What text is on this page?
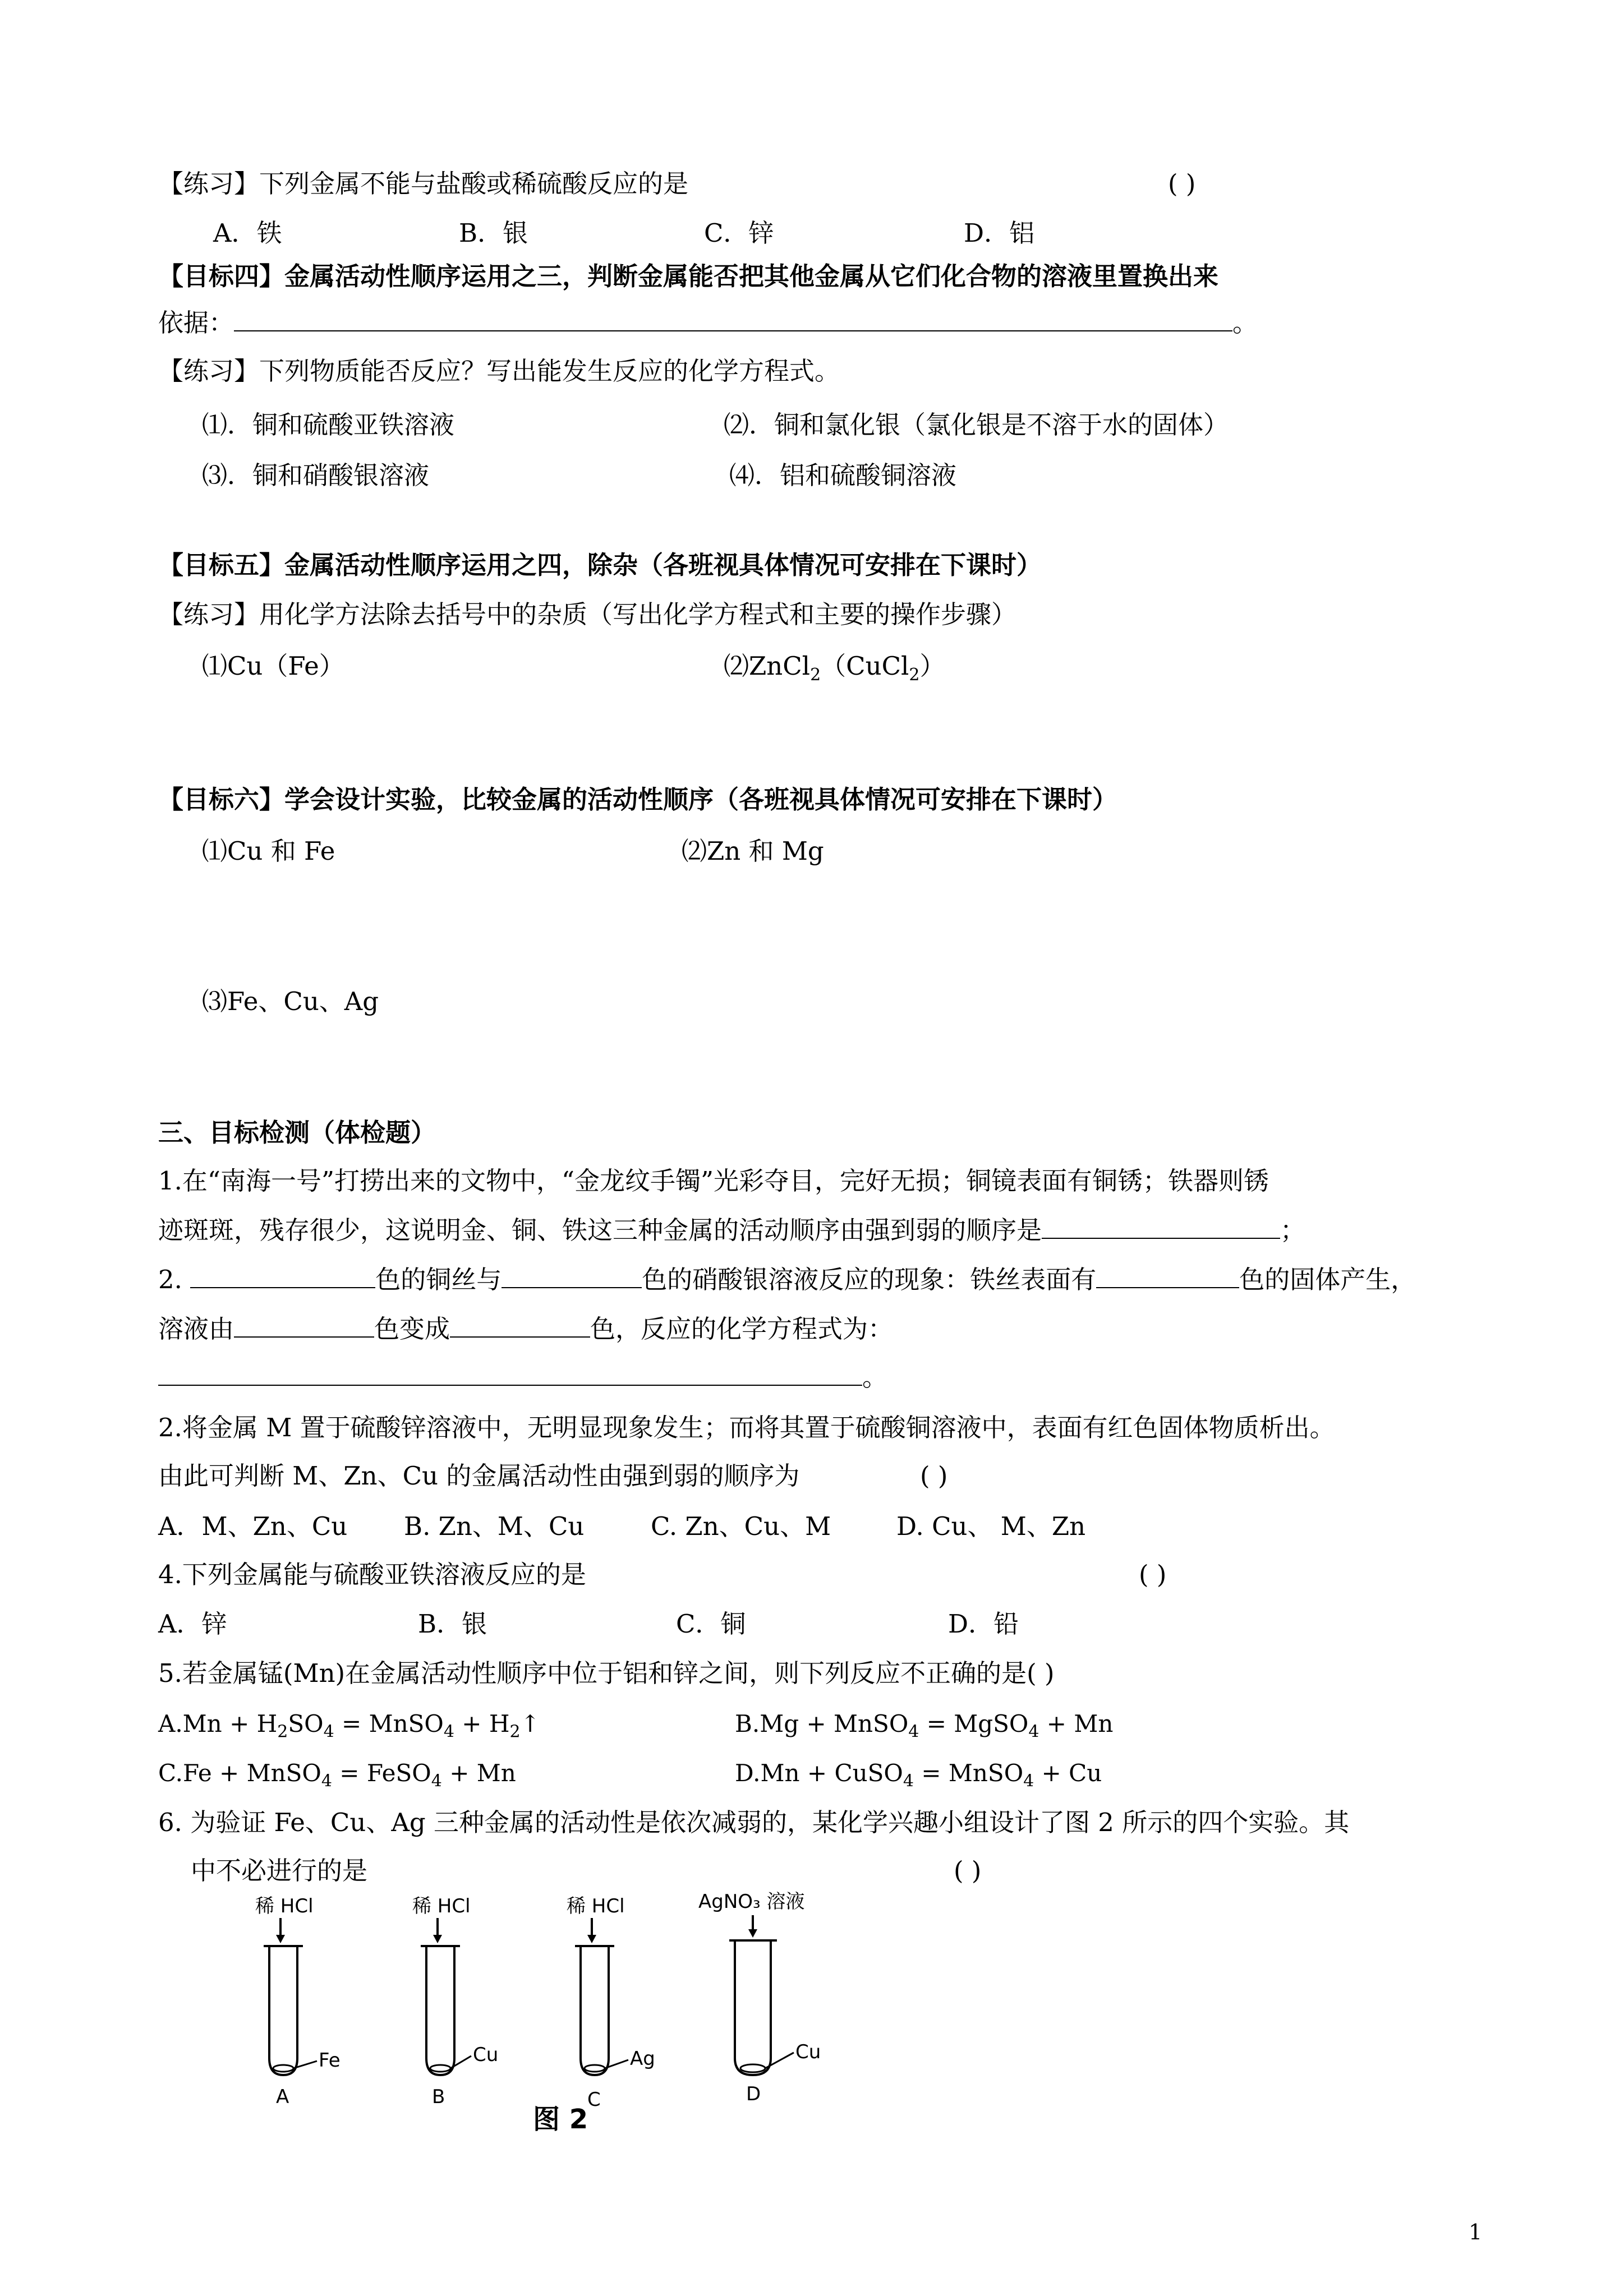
【练习】下列金属不能与盐酸或稀硫酸反应的是	( )
A．铁	B．银	C．锌	D．铝
【目标四】金属活动性顺序运用之三，判断金属能否把其他金属从它们化合物的溶液里置换出来
依据：	。
【练习】下列物质能否反应？写出能发生反应的化学方程式。
⑴．铜和硫酸亚铁溶液	⑵．铜和氯化银（氯化银是不溶于水的固体）
⑶．铜和硝酸银溶液	⑷．铝和硫酸铜溶液
【目标五】金属活动性顺序运用之四，除杂（各班视具体情况可安排在下课时）
【练习】用化学方法除去括号中的杂质（写出化学方程式和主要的操作步骤）
⑴Cu（Fe）	⑵ZnCl$_2$（CuCl$_2$）
【目标六】学会设计实验，比较金属的活动性顺序（各班视具体情况可安排在下课时）
⑴Cu 和 Fe	⑵Zn 和 Mg
⑶Fe、Cu、Ag
三、目标检测（体检题）
1.在“南海一号”打捞出来的文物中，“金龙纹手镯”光彩夺目，完好无损；铜镜表面有铜锈；铁器则锈
迹斑斑，残存很少，这说明金、铜、铁这三种金属的活动顺序由强到弱的顺序是	；
2.	色的铜丝与	色的硝酸银溶液反应的现象：铁丝表面有	色的固体产生，
溶液由	色变成	色，反应的化学方程式为：
。
2.将金属 M 置于硫酸锌溶液中，无明显现象发生；而将其置于硫酸铜溶液中，表面有红色固体物质析出。
由此可判断 M、Zn、Cu 的金属活动性由强到弱的顺序为	( )
A．M、Zn、Cu B. Zn、M、Cu	C. Zn、Cu、M	D. Cu、 M、Zn
4.下列金属能与硫酸亚铁溶液反应的是	( )
A．锌	B．银	C．铜	D．铅
5.若金属锰(Mn)在金属活动性顺序中位于铝和锌之间，则下列反应不正确的是( )
$A.Mn + H_2SO_4$ = MnSO$_4$ + $H_2↑$	B.Mg + MnSO$_4$ = MgSO$_4$ + Mn
C.Fe + MnSO$_4$ = FeSO$_4$ + Mn	D.Mn + CuSO$_4$ = MnSO$_4$ + Cu
6. 为验证 Fe、Cu、Ag 三种金属的活动性是依次减弱的，某化学兴趣小组设计了图 2 所示的四个实验。其
中不必进行的是	( )
稀 HCl
Fe
A
稀 HCl
Cu
B
稀 HCl
Ag
C
AgNO₃ 溶液
Cu
D
图 2
1
